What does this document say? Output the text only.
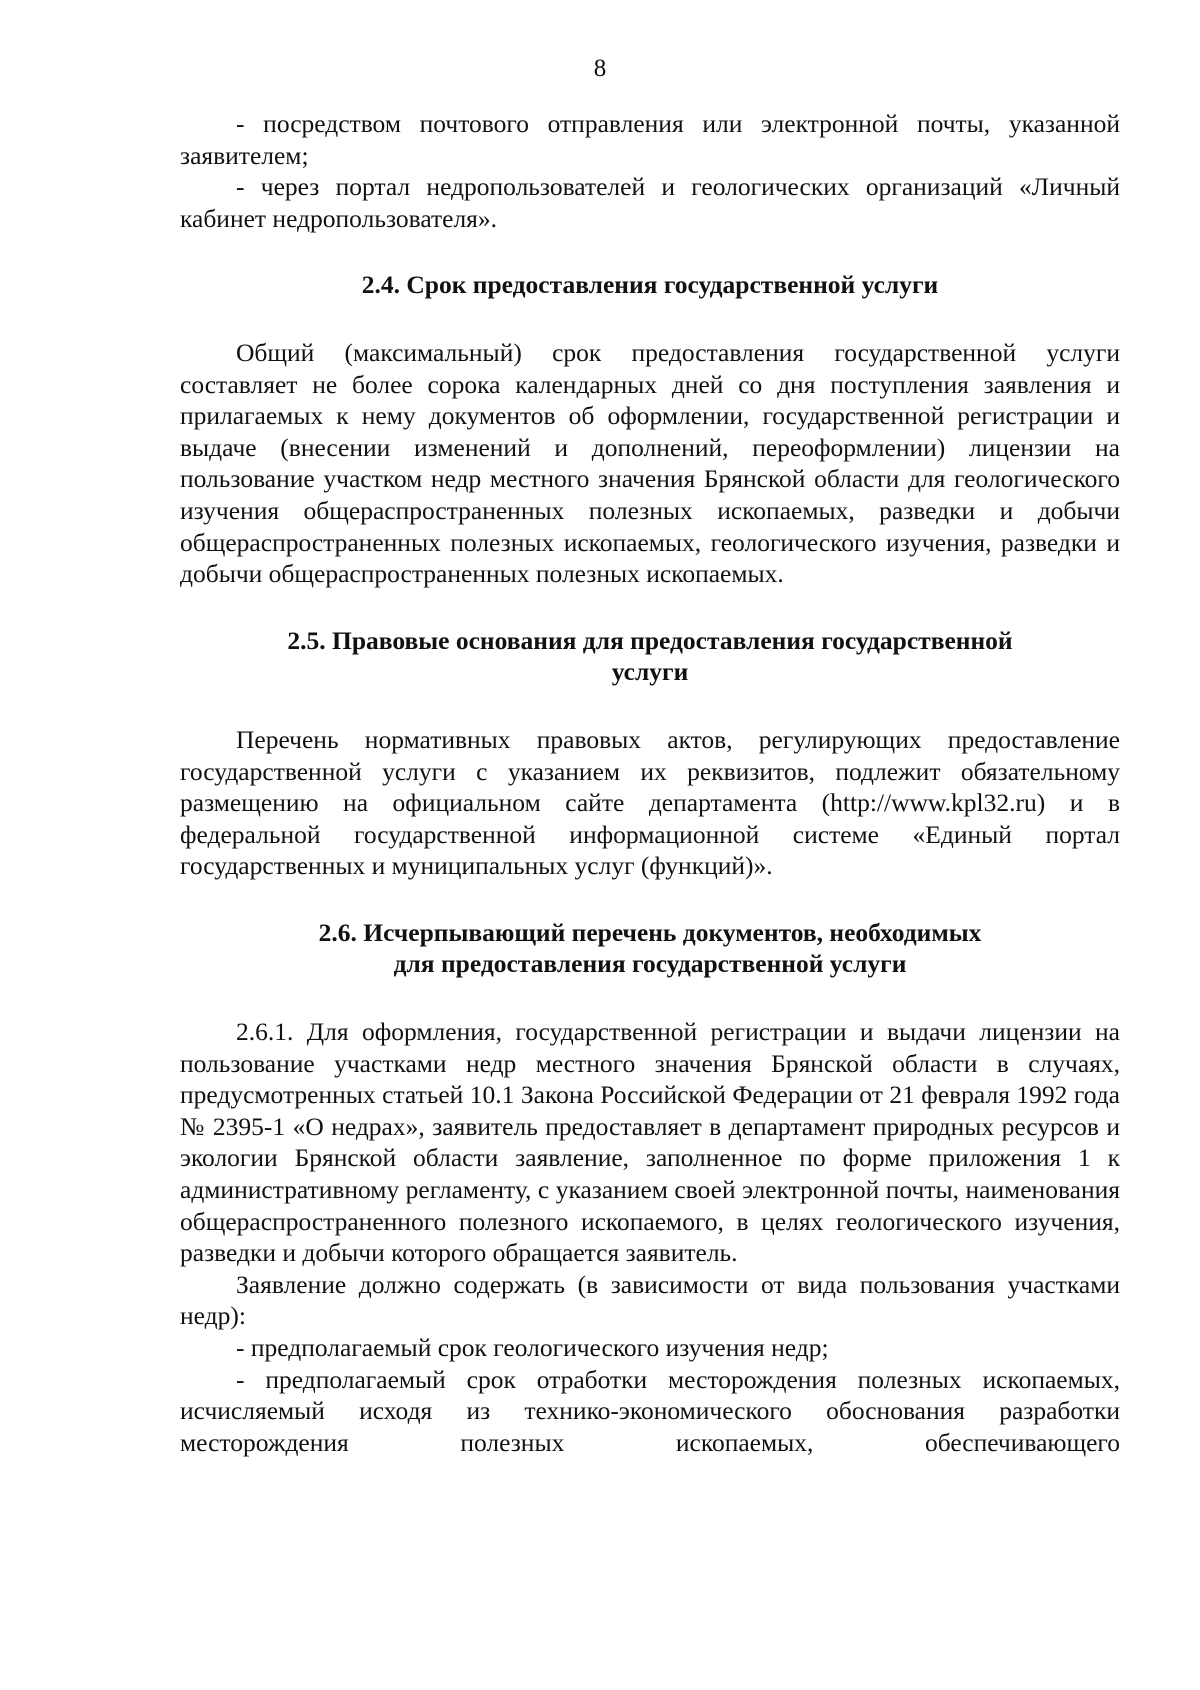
8

- посредством почтового отправления или электронной почты, указанной заявителем;

- через портал недропользователей и геологических организаций «Личный кабинет недропользователя».

2.4. Срок предоставления государственной услуги

Общий (максимальный) срок предоставления государственной услуги составляет не более сорока календарных дней со дня поступления заявления и прилагаемых к нему документов об оформлении, государственной регистрации и выдаче (внесении изменений и дополнений, переоформлении) лицензии на пользование участком недр местного значения Брянской области для геологического изучения общераспространенных полезных ископаемых, разведки и добычи общераспространенных полезных ископаемых, геологического изучения, разведки и добычи общераспространенных полезных ископаемых.

2.5. Правовые основания для предоставления государственной
услуги

Перечень нормативных правовых актов, регулирующих предоставление государственной услуги с указанием их реквизитов, подлежит обязательному размещению на официальном сайте департамента (http://www.kpl32.ru) и в федеральной государственной информационной системе «Единый портал государственных и муниципальных услуг (функций)».

2.6. Исчерпывающий перечень документов, необходимых
для предоставления государственной услуги

2.6.1. Для оформления, государственной регистрации и выдачи лицензии на пользование участками недр местного значения Брянской области в случаях, предусмотренных статьей 10.1 Закона Российской Федерации от 21 февраля 1992 года № 2395-1 «О недрах», заявитель предоставляет в департамент природных ресурсов и экологии Брянской области заявление, заполненное по форме приложения 1 к административному регламенту, с указанием своей электронной почты, наименования общераспространенного полезного ископаемого, в целях геологического изучения, разведки и добычи которого обращается заявитель.

Заявление должно содержать (в зависимости от вида пользования участками недр):

- предполагаемый срок геологического изучения недр;

- предполагаемый срок отработки месторождения полезных ископаемых, исчисляемый исходя из технико-экономического обоснования разработки месторождения полезных ископаемых, обеспечивающего
